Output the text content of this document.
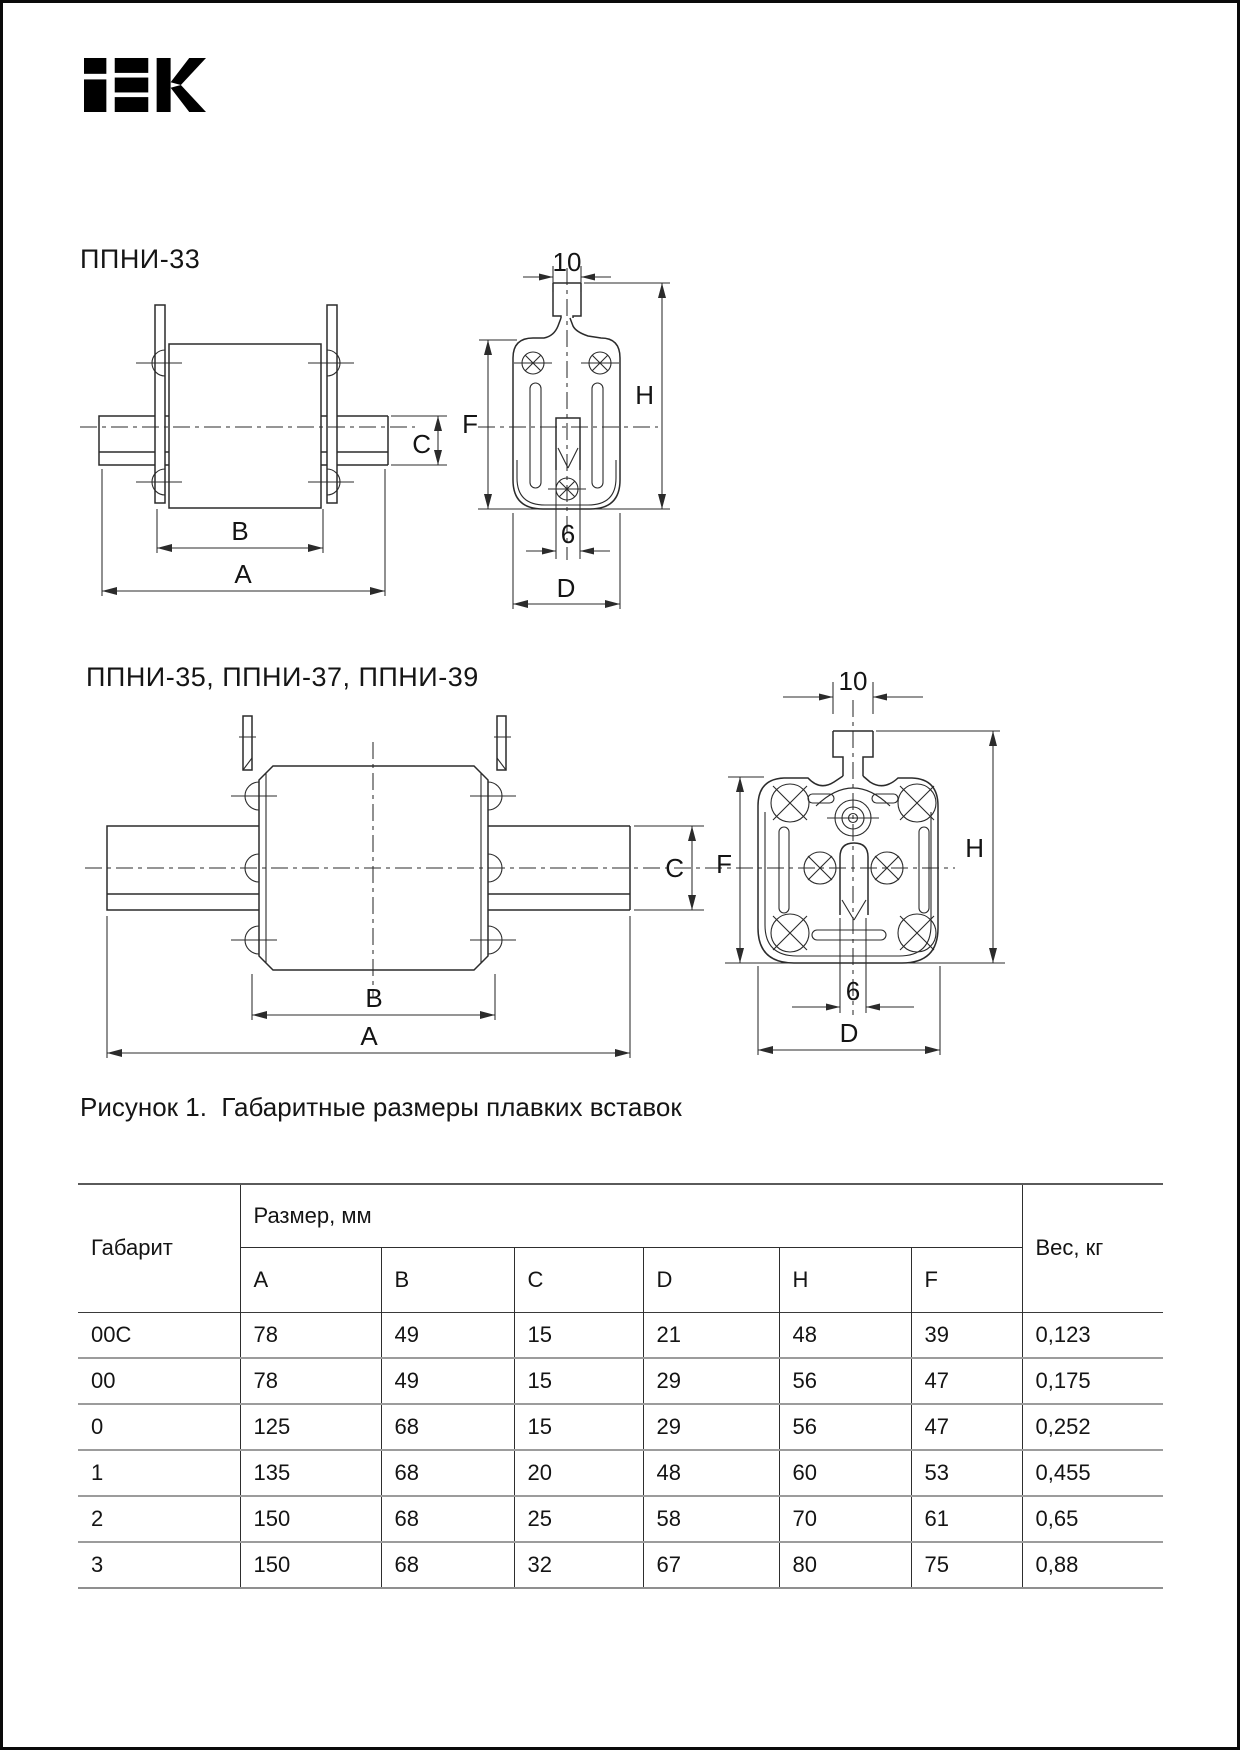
ППНИ-33
ППНИ-35, ППНИ-37, ППНИ-39
B
A
C
10
F
H
6
D
B
A
C
10
F
H
6
D
Рисунок 1.  Габаритные размеры плавких вставок
Габарит	Размер, мм						Вес, кг
	A	B	C	D	H	F	
00C	78	49	15	21	48	39	0,123
00	78	49	15	29	56	47	0,175
0	125	68	15	29	56	47	0,252
1	135	68	20	48	60	53	0,455
2	150	68	25	58	70	61	0,65
3	150	68	32	67	80	75	0,88
